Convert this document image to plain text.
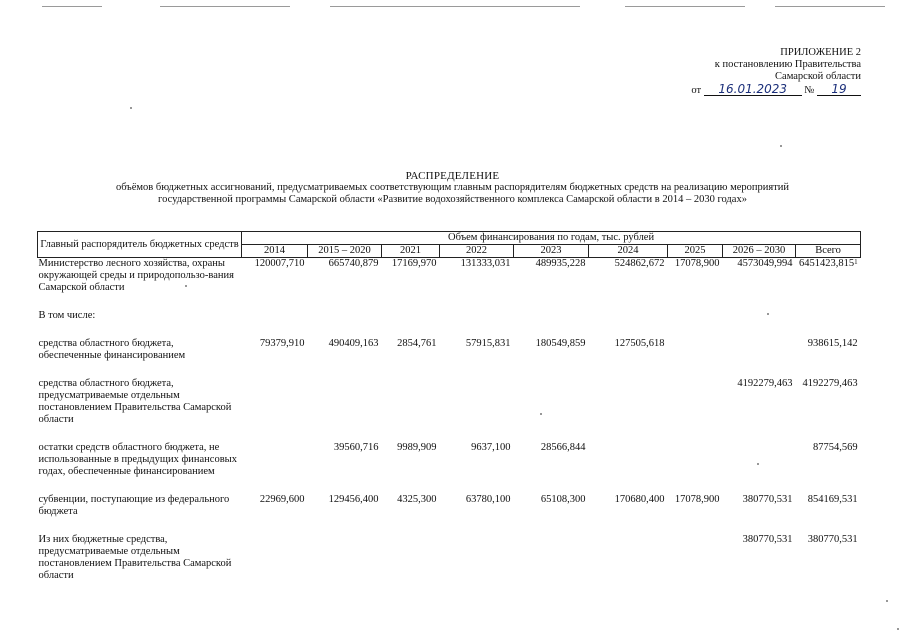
ПРИЛОЖЕНИЕ 2
к постановлению Правительства
Самарской области
от 16.01.2023 № 19
РАСПРЕДЕЛЕНИЕ
объёмов бюджетных ассигнований, предусматриваемых соответствующим главным распорядителям бюджетных средств на реализацию мероприятий
государственной программы Самарской области «Развитие водохозяйственного комплекса Самарской области в 2014 – 2030 годах»
Главный распорядитель бюджетных средств	Объем финансирования по годам, тыс. рублей								
	2014	2015 – 2020	2021	2022	2023	2024	2025	2026 – 2030	Всего
Министерство лесного хозяйства, охраны окружающей среды и природопользо-вания Самарской области	120007,710	665740,879	17169,970	131333,031	489935,228	524862,672	17078,900	4573049,994	6451423,815$^1$

В том числе:									

средства областного бюджета, обеспеченные финансированием	79379,910	490409,163	2854,761	57915,831	180549,859	127505,618			938615,142

средства областного бюджета, предусматриваемые отдельным постановлением Правительства Самарской области								4192279,463	4192279,463

остатки средств областного бюджета, не использованные в предыдущих финансовых годах, обеспеченные финансированием		39560,716	9989,909	9637,100	28566,844				87754,569

субвенции, поступающие из федерального бюджета	22969,600	129456,400	4325,300	63780,100	65108,300	170680,400	17078,900	380770,531	854169,531

Из них бюджетные средства, предусматриваемые отдельным постановлением Правительства Самарской области								380770,531	380770,531
